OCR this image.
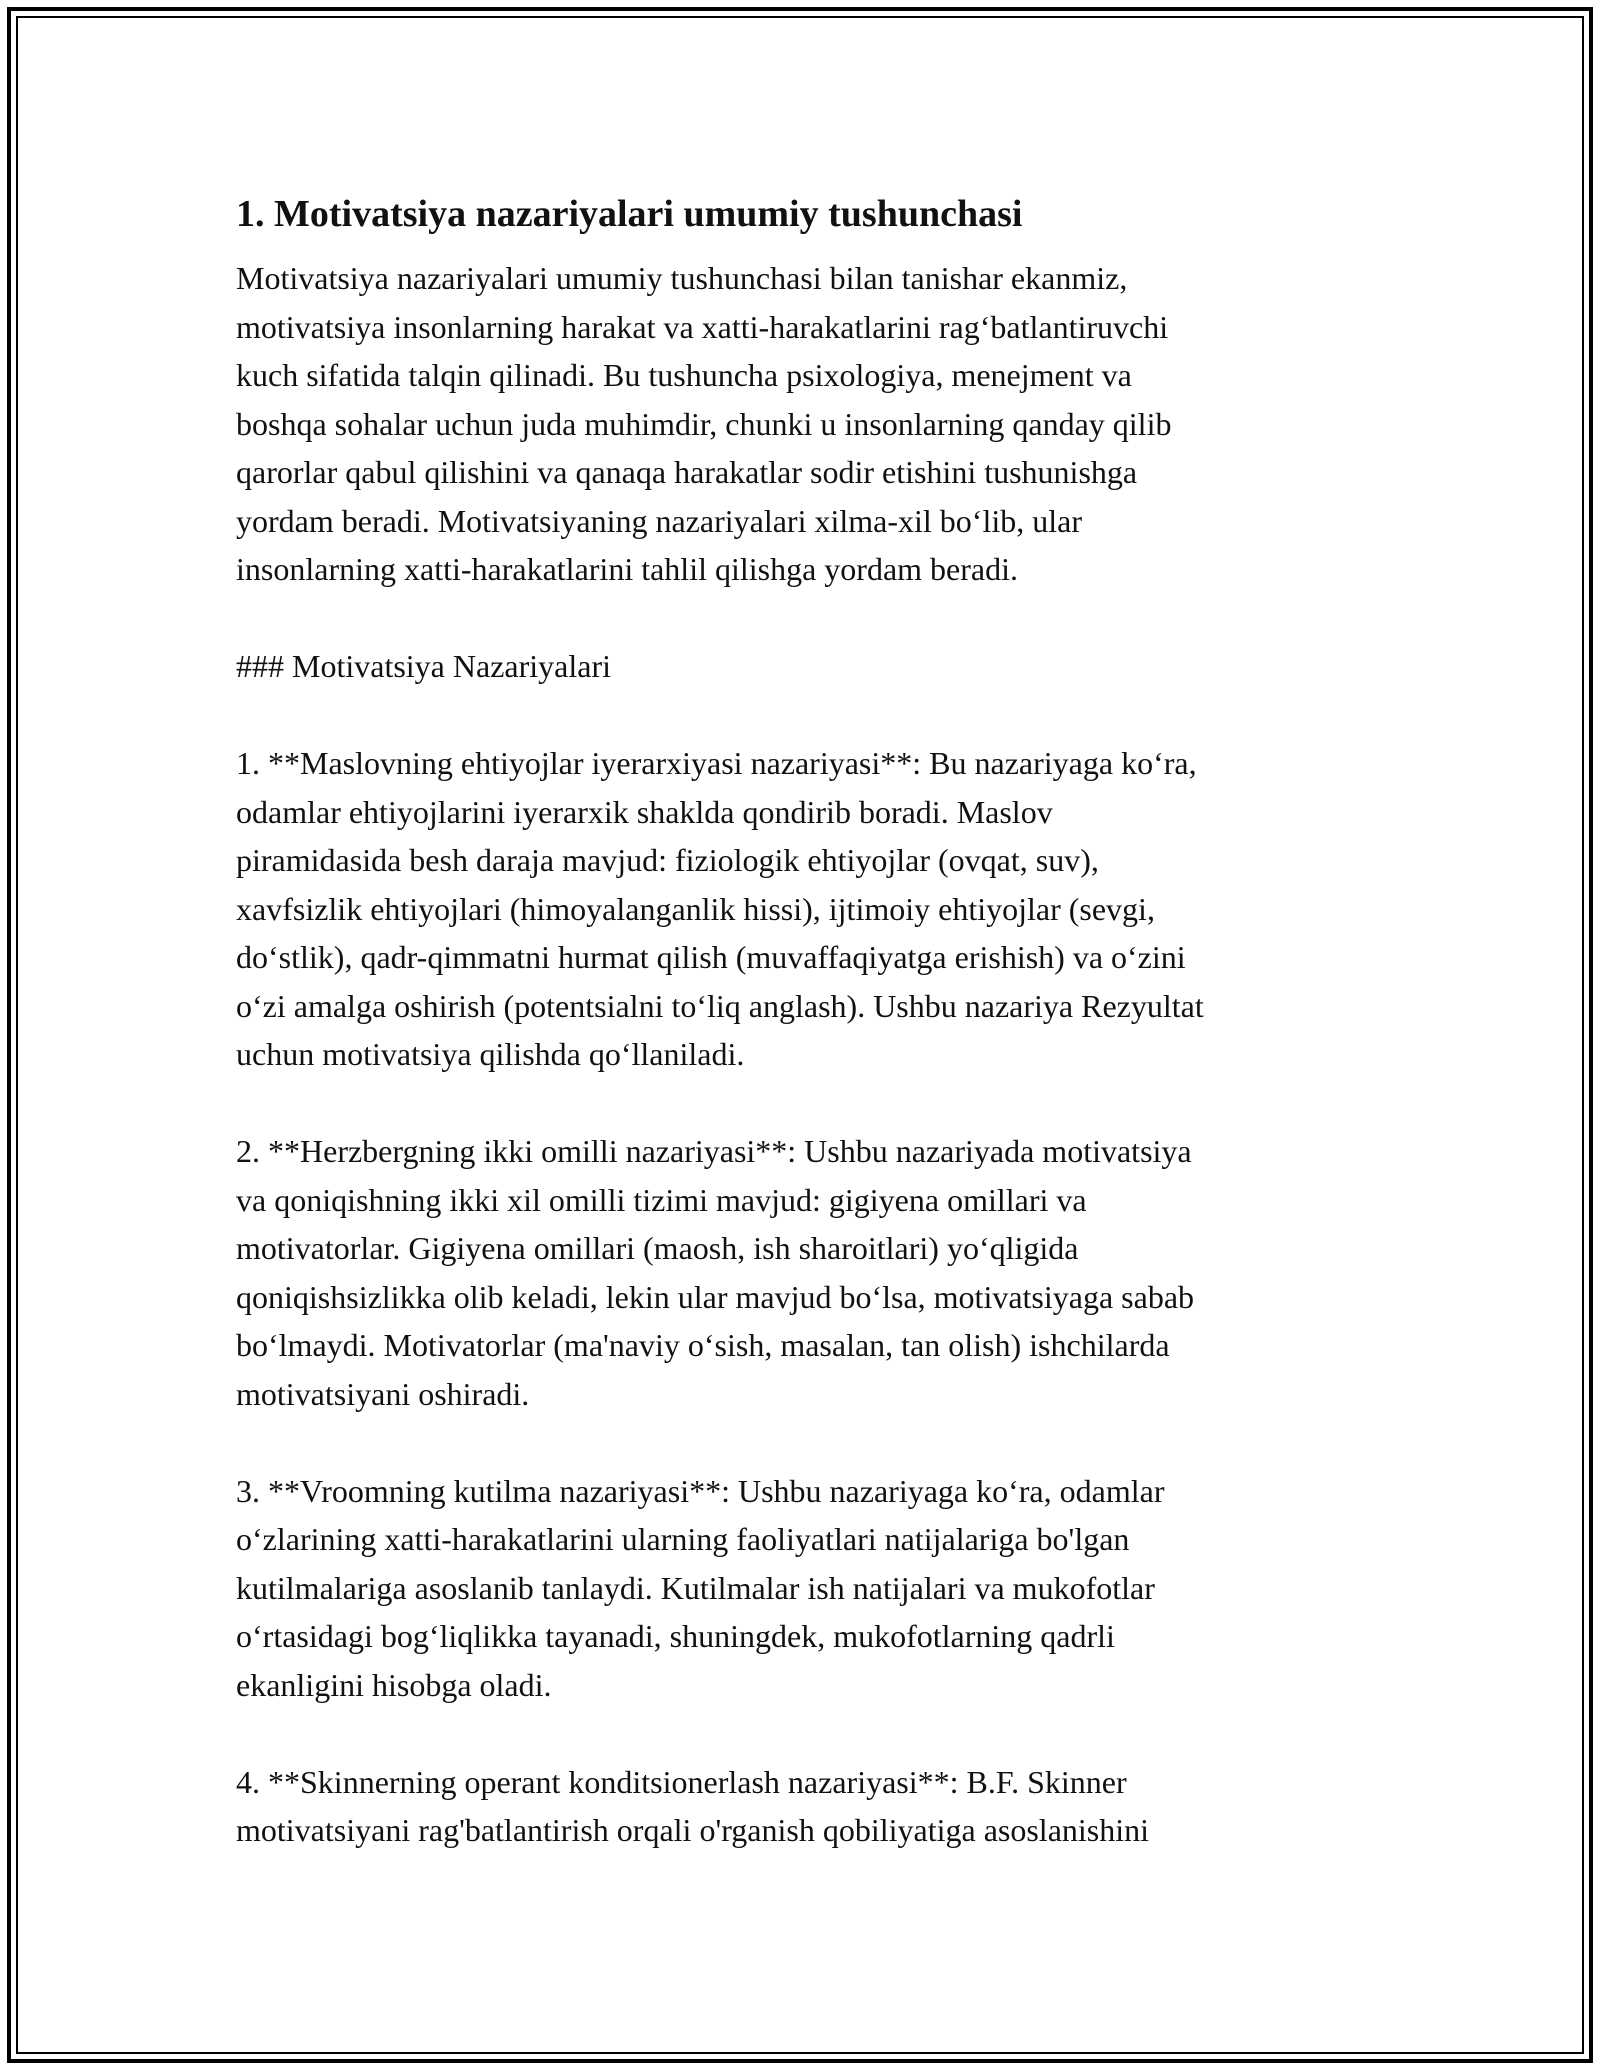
1. Motivatsiya nazariyalari umumiy tushunchasi

Motivatsiya nazariyalari umumiy tushunchasi bilan tanishar ekanmiz,
motivatsiya insonlarning harakat va xatti-harakatlarini rag‘batlantiruvchi
kuch sifatida talqin qilinadi. Bu tushuncha psixologiya, menejment va
boshqa sohalar uchun juda muhimdir, chunki u insonlarning qanday qilib
qarorlar qabul qilishini va qanaqa harakatlar sodir etishini tushunishga
yordam beradi. Motivatsiyaning nazariyalari xilma-xil bo‘lib, ular
insonlarning xatti-harakatlarini tahlil qilishga yordam beradi.

### Motivatsiya Nazariyalari

1. **Maslovning ehtiyojlar iyerarxiyasi nazariyasi**: Bu nazariyaga ko‘ra,
odamlar ehtiyojlarini iyerarxik shaklda qondirib boradi. Maslov
piramidasida besh daraja mavjud: fiziologik ehtiyojlar (ovqat, suv),
xavfsizlik ehtiyojlari (himoyalanganlik hissi), ijtimoiy ehtiyojlar (sevgi,
do‘stlik), qadr-qimmatni hurmat qilish (muvaffaqiyatga erishish) va o‘zini
o‘zi amalga oshirish (potentsialni to‘liq anglash). Ushbu nazariya Rezyultat
uchun motivatsiya qilishda qo‘llaniladi.

2. **Herzbergning ikki omilli nazariyasi**: Ushbu nazariyada motivatsiya
va qoniqishning ikki xil omilli tizimi mavjud: gigiyena omillari va
motivatorlar. Gigiyena omillari (maosh, ish sharoitlari) yo‘qligida
qoniqishsizlikka olib keladi, lekin ular mavjud bo‘lsa, motivatsiyaga sabab
bo‘lmaydi. Motivatorlar (ma'naviy o‘sish, masalan, tan olish) ishchilarda
motivatsiyani oshiradi.

3. **Vroomning kutilma nazariyasi**: Ushbu nazariyaga ko‘ra, odamlar
o‘zlarining xatti-harakatlarini ularning faoliyatlari natijalariga bo'lgan
kutilmalariga asoslanib tanlaydi. Kutilmalar ish natijalari va mukofotlar
o‘rtasidagi bog‘liqlikka tayanadi, shuningdek, mukofotlarning qadrli
ekanligini hisobga oladi.

4. **Skinnerning operant konditsionerlash nazariyasi**: B.F. Skinner
motivatsiyani rag'batlantirish orqali o'rganish qobiliyatiga asoslanishini
